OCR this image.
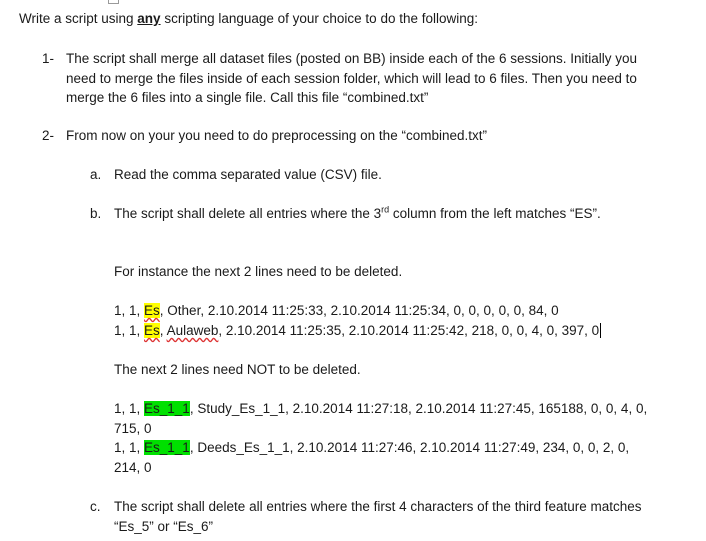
Write a script using any scripting language of your choice to do the following:
1- The script shall merge all dataset files (posted on BB) inside each of the 6 sessions. Initially you need to merge the files inside of each session folder, which will lead to 6 files. Then you need to merge the 6 files into a single file. Call this file “combined.txt”
2- From now on your you need to do preprocessing on the “combined.txt”
a. Read the comma separated value (CSV) file.
b. The script shall delete all entries where the 3rd column from the left matches “ES”.
For instance the next 2 lines need to be deleted.
1, 1, Es, Other, 2.10.2014 11:25:33, 2.10.2014 11:25:34, 0, 0, 0, 0, 0, 84, 0
1, 1, Es, Aulaweb, 2.10.2014 11:25:35, 2.10.2014 11:25:42, 218, 0, 0, 4, 0, 397, 0
The next 2 lines need NOT to be deleted.
1, 1, Es_1_1, Study_Es_1_1, 2.10.2014 11:27:18, 2.10.2014 11:27:45, 165188, 0, 0, 4, 0, 715, 0
1, 1, Es_1_1, Deeds_Es_1_1, 2.10.2014 11:27:46, 2.10.2014 11:27:49, 234, 0, 0, 2, 0, 214, 0
c. The script shall delete all entries where the first 4 characters of the third feature matches “Es_5” or “Es_6”
